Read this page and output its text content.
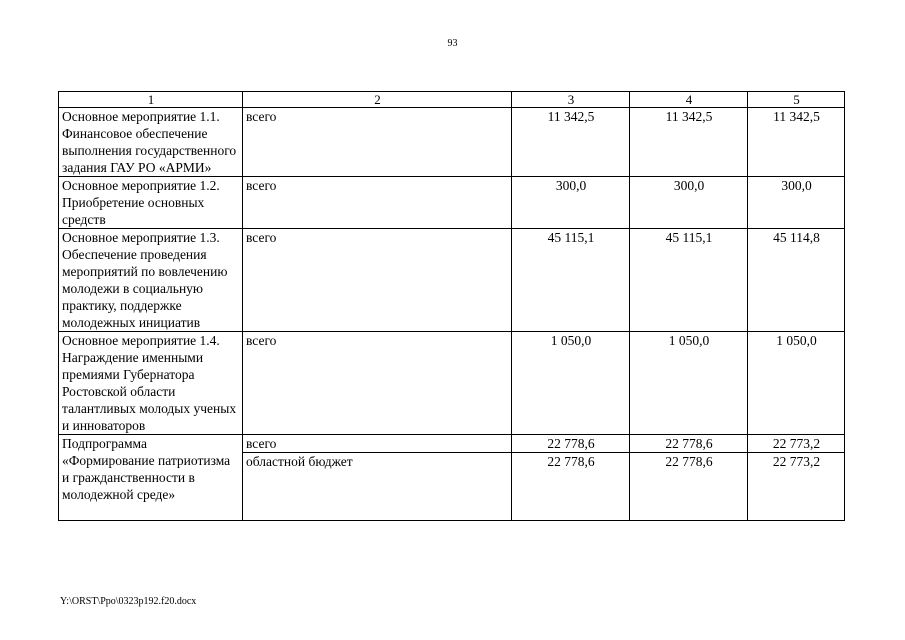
93
1	2	3	4	5
Основное мероприятие 1.1. Финансовое обеспечение выполнения государственного задания ГАУ РО «АРМИ»	всего	11 342,5	11 342,5	11 342,5
Основное мероприятие 1.2. Приобретение основных средств	всего	300,0	300,0	300,0
Основное мероприятие 1.3. Обеспечение проведения мероприятий по вовлечению молодежи в социальную практику, поддержке молодежных инициатив	всего	45 115,1	45 115,1	45 114,8
Основное мероприятие 1.4. Награждение именными премиями Губернатора Ростовской области талантливых молодых ученых и инноваторов	всего	1 050,0	1 050,0	1 050,0
Подпрограмма «Формирование патриотизма и гражданственности в молодежной среде»	всего	22 778,6	22 778,6	22 773,2
	областной бюджет	22 778,6	22 778,6	22 773,2
Y:\ORST\Ppo\0323p192.f20.docx
